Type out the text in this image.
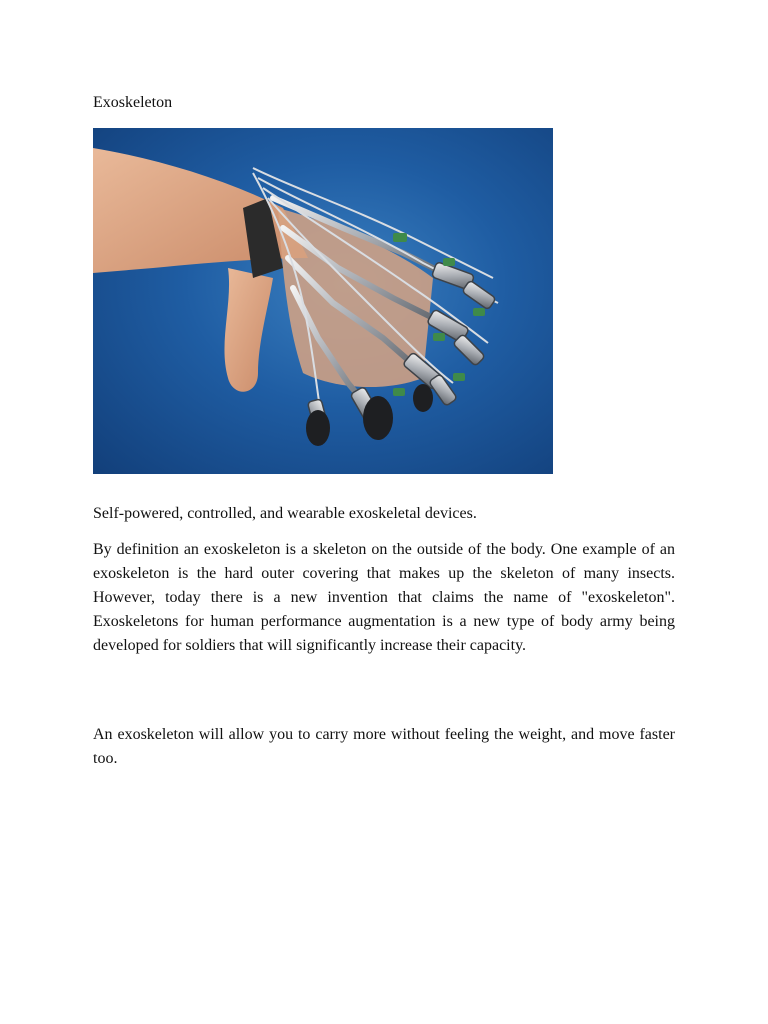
Exoskeleton

Self-powered, controlled, and wearable exoskeletal devices.

By definition an exoskeleton is a skeleton on the outside of the body. One example of an exoskeleton is the hard outer covering that makes up the skeleton of many insects. However, today there is a new invention that claims the name of "exoskeleton". Exoskeletons for human performance augmentation is a new type of body army being developed for soldiers that will significantly increase their capacity.

An exoskeleton will allow you to carry more without feeling the weight, and move faster too.
